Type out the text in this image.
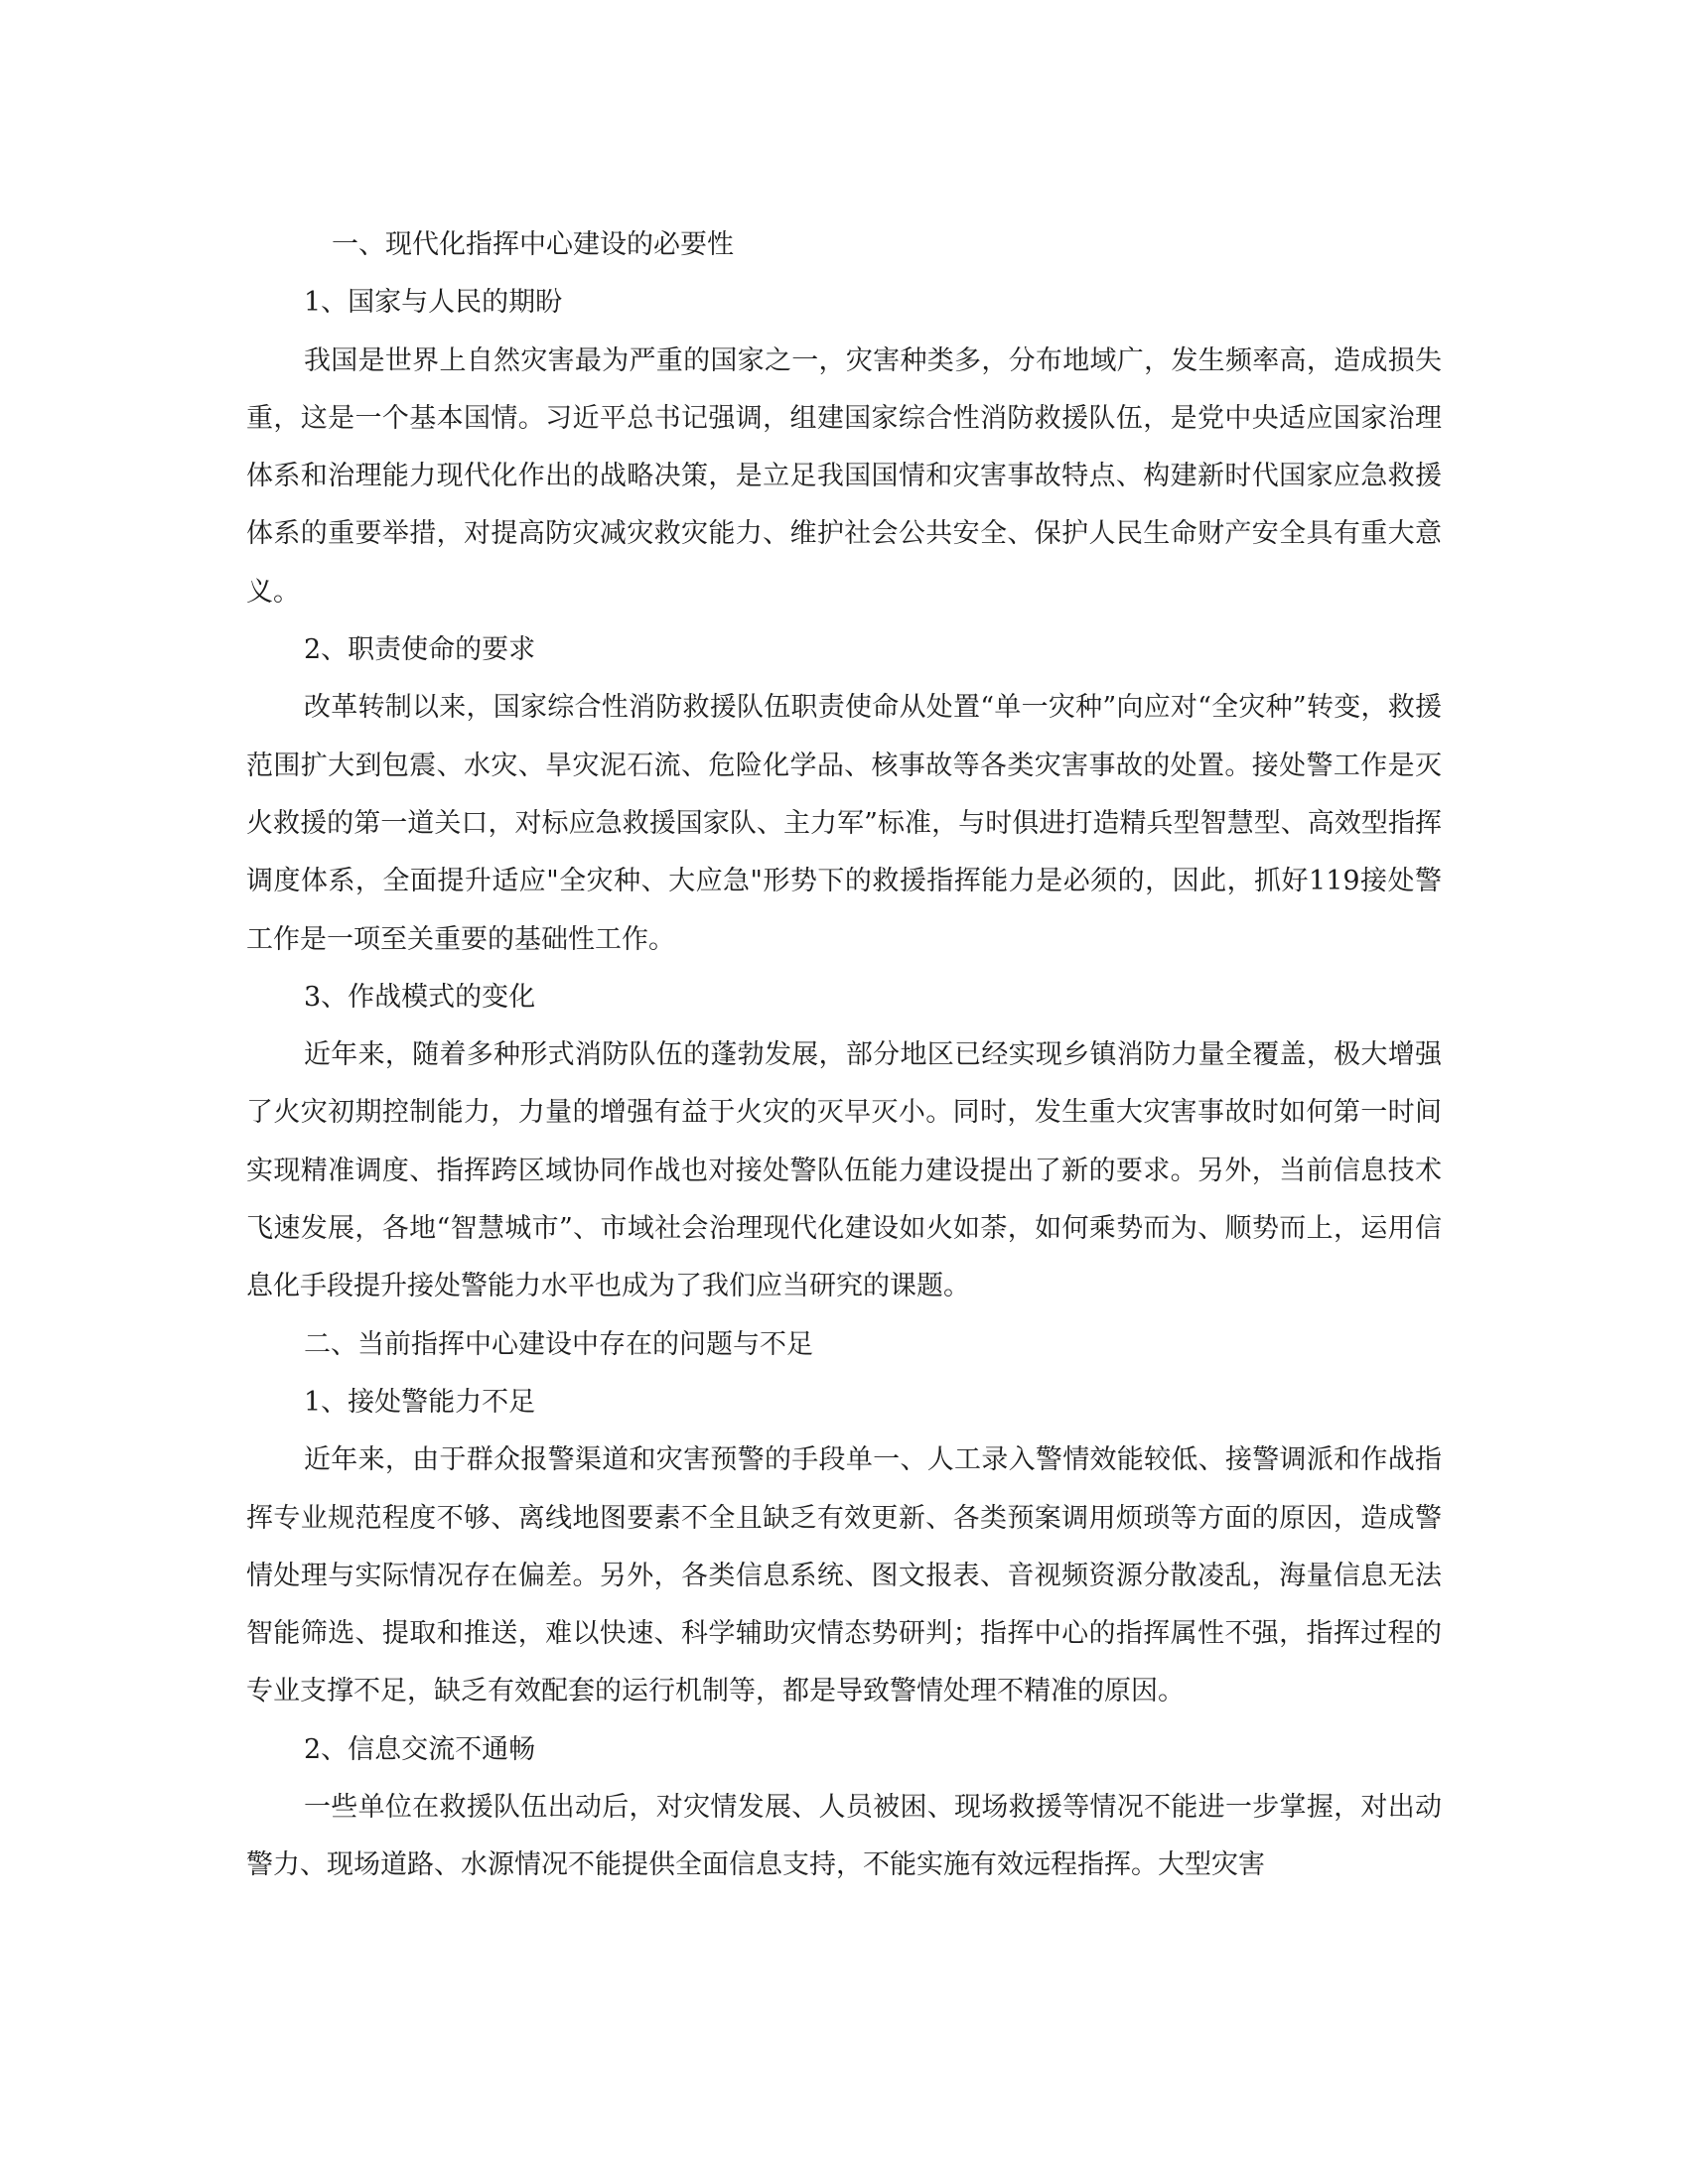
一、现代化指挥中心建设的必要性

1、国家与人民的期盼

我国是世界上自然灾害最为严重的国家之一，灾害种类多，分布地域广，发生频率高，造成损失重，这是一个基本国情。习近平总书记强调，组建国家综合性消防救援队伍，是党中央适应国家治理体系和治理能力现代化作出的战略决策，是立足我国国情和灾害事故特点、构建新时代国家应急救援体系的重要举措，对提高防灾减灾救灾能力、维护社会公共安全、保护人民生命财产安全具有重大意义。

2、职责使命的要求

改革转制以来，国家综合性消防救援队伍职责使命从处置“单一灾种”向应对“全灾种”转变，救援范围扩大到包震、水灾、旱灾泥石流、危险化学品、核事故等各类灾害事故的处置。接处警工作是灭火救援的第一道关口，对标应急救援国家队、主力军”标准，与时俱进打造精兵型智慧型、高效型指挥调度体系，全面提升适应"全灾种、大应急"形势下的救援指挥能力是必须的，因此，抓好119接处警工作是一项至关重要的基础性工作。

3、作战模式的变化

近年来，随着多种形式消防队伍的蓬勃发展，部分地区已经实现乡镇消防力量全覆盖，极大增强了火灾初期控制能力，力量的增强有益于火灾的灭早灭小。同时，发生重大灾害事故时如何第一时间实现精准调度、指挥跨区域协同作战也对接处警队伍能力建设提出了新的要求。另外，当前信息技术飞速发展，各地“智慧城市”、市域社会治理现代化建设如火如荼，如何乘势而为、顺势而上，运用信息化手段提升接处警能力水平也成为了我们应当研究的课题。

二、当前指挥中心建设中存在的问题与不足

1、接处警能力不足

近年来，由于群众报警渠道和灾害预警的手段单一、人工录入警情效能较低、接警调派和作战指挥专业规范程度不够、离线地图要素不全且缺乏有效更新、各类预案调用烦琐等方面的原因，造成警情处理与实际情况存在偏差。另外，各类信息系统、图文报表、音视频资源分散凌乱，海量信息无法智能筛选、提取和推送，难以快速、科学辅助灾情态势研判；指挥中心的指挥属性不强，指挥过程的专业支撑不足，缺乏有效配套的运行机制等，都是导致警情处理不精准的原因。

2、信息交流不通畅

一些单位在救援队伍出动后，对灾情发展、人员被困、现场救援等情况不能进一步掌握，对出动警力、现场道路、水源情况不能提供全面信息支持，不能实施有效远程指挥。大型灾害
